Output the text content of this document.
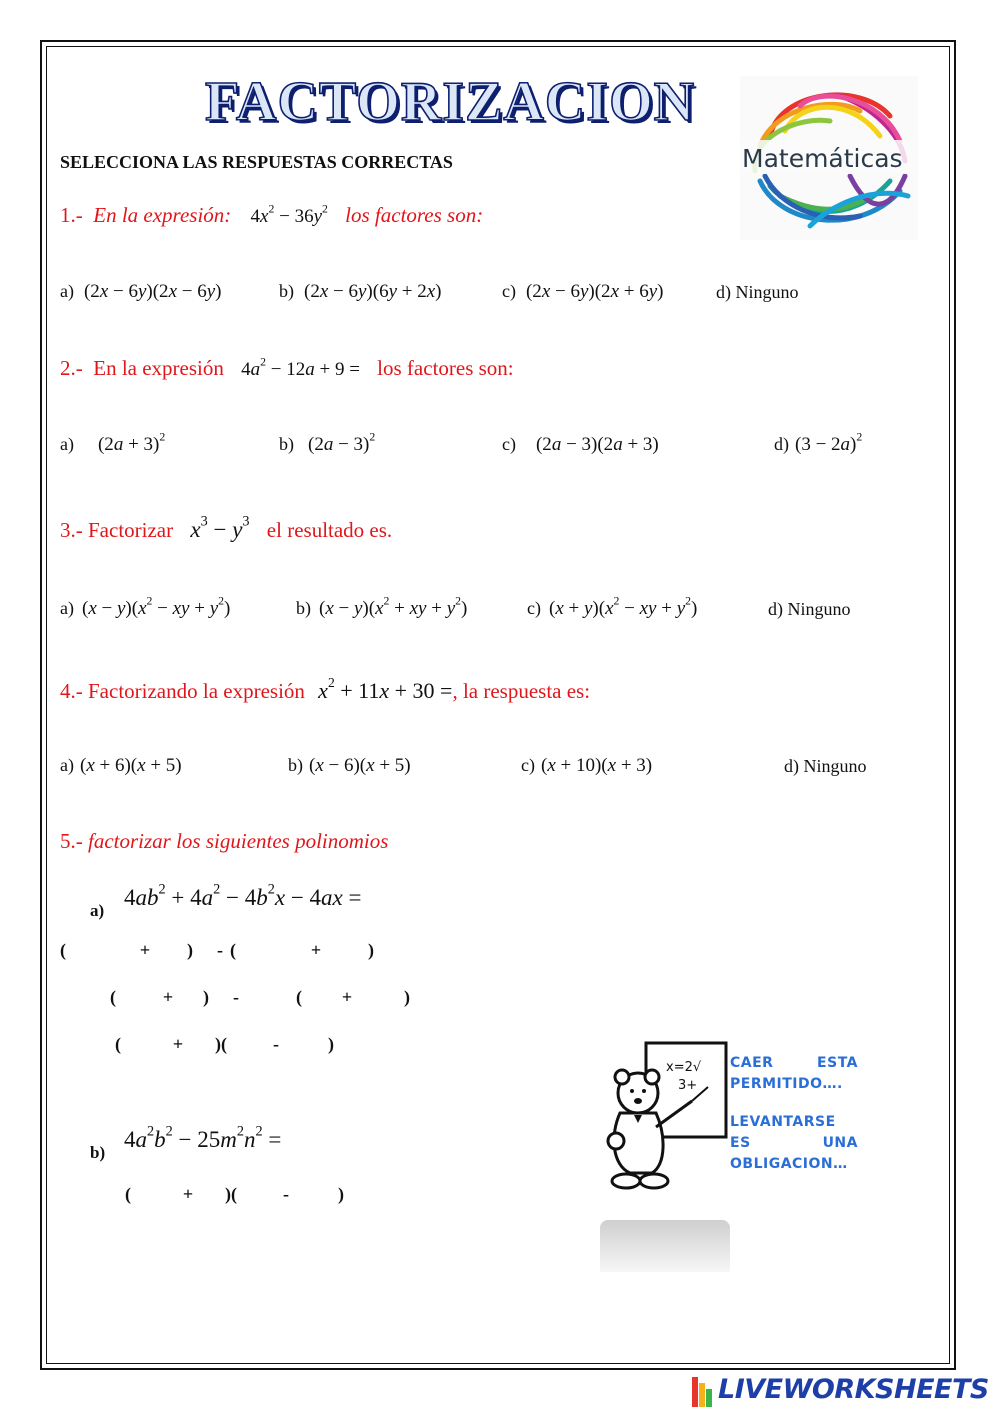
FACTORIZACION
Matemáticas
SELECCIONA LAS RESPUESTAS CORRECTAS
1.- En la expresión: $4x^2 - 36y^2$ los factores son:
a) (2x − 6y)(2x − 6y)	b) (2x − 6y)(6y + 2x)	c) (2x − 6y)(2x + 6y)	d) Ninguno
2.- En la expresión $4a^2 - 12a + 9$ = los factores son:
a) $(2a + 3)^2$	b) $(2a - 3)^2$	c) (2a − 3)(2a + 3)	d) $(3 - 2a)^2$
3.- Factorizar $x^3 - y^3$ el resultado es.
a) $(x - y)(x^2$ − xy + $y^2$)	b) $(x - y)(x^2$ + xy + $y^2$)	c) $(x + y)(x^2$ − xy + $y^2$)	d) Ninguno
4.- Factorizando la expresión $x^2 + 11x + 30$ =, la respuesta es:
a) (x + 6)(x + 5)	b) (x − 6)(x + 5)	c) (x + 10)(x + 3)	d) Ninguno
5.- factorizar los siguientes polinomios
a)
$4ab^2 + 4a^2 - 4b^2x - 4ax$ =
(	+ ) - (	+	)
(	+ ) -	( +	)
(	+ )(	-	)
b)
$4a^2b^2 - 25m^2n^2$ =
(	+ )(	-	)
x=2√
3+
CAER ESTA PERMITIDO….
LEVANTARSE ES UNA OBLIGACION…
LIVEWORKSHEETS
